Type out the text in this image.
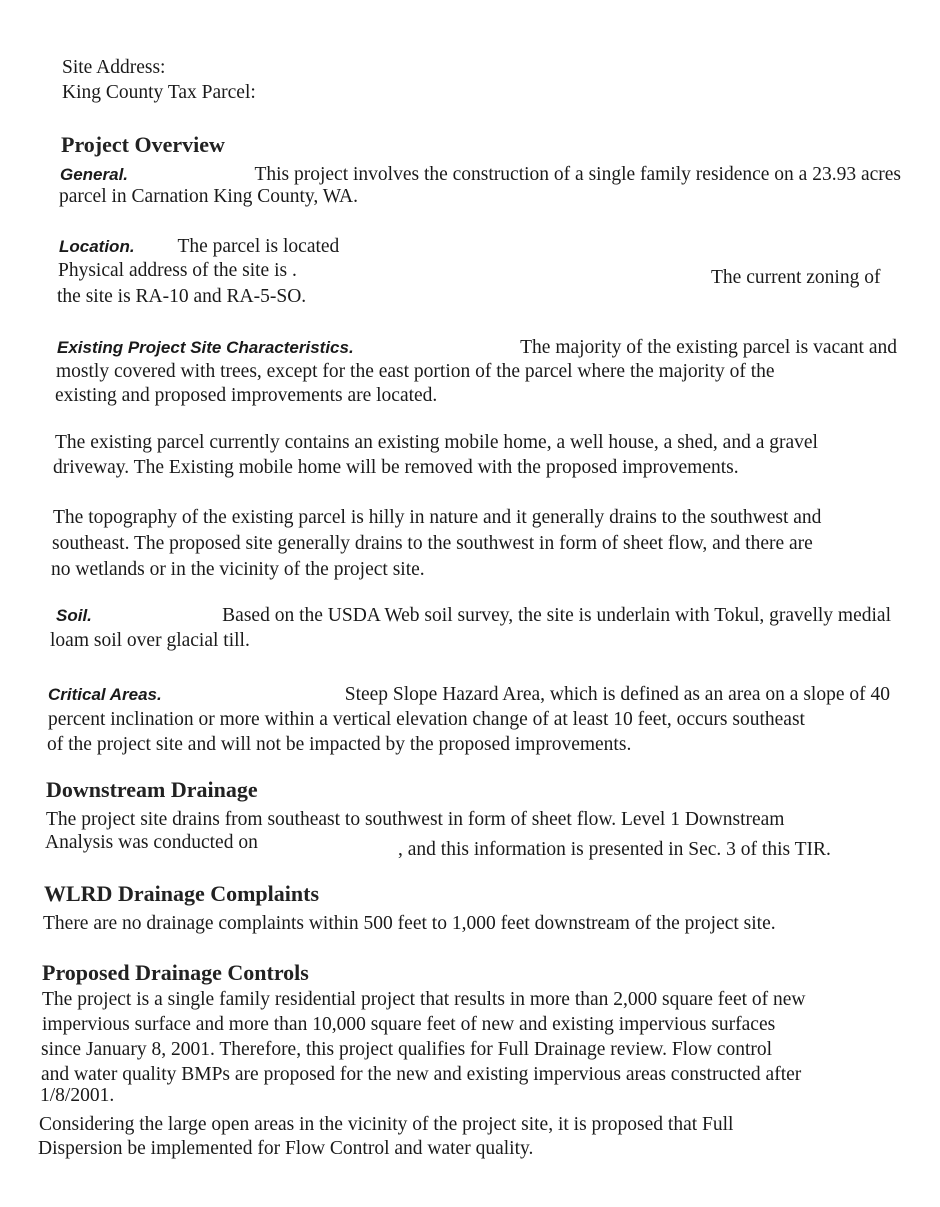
Site Address:
King County Tax Parcel:
Project Overview
General.	This project involves the construction of a single family residence on a 23.93 acres
parcel in Carnation King County, WA.
Location. The parcel is located
Physical address of the site is .	The current zoning of
the site is RA-10 and RA-5-SO.
Existing Project Site Characteristics.	The majority of the existing parcel is vacant and
mostly covered with trees, except for the east portion of the parcel where the majority of the
existing and proposed improvements are located.
The existing parcel currently contains an existing mobile home, a well house, a shed, and a gravel
driveway. The Existing mobile home will be removed with the proposed improvements.
The topography of the existing parcel is hilly in nature and it generally drains to the southwest and
southeast. The proposed site generally drains to the southwest in form of sheet flow, and there are
no wetlands or in the vicinity of the project site.
Soil.	Based on the USDA Web soil survey, the site is underlain with Tokul, gravelly medial
loam soil over glacial till.
Critical Areas.	Steep Slope Hazard Area, which is defined as an area on a slope of 40
percent inclination or more within a vertical elevation change of at least 10 feet, occurs southeast
of the project site and will not be impacted by the proposed improvements.
Downstream Drainage
The project site drains from southeast to southwest in form of sheet flow. Level 1 Downstream
Analysis was conducted on	, and this information is presented in Sec. 3 of this TIR.
WLRD Drainage Complaints
There are no drainage complaints within 500 feet to 1,000 feet downstream of the project site.
Proposed Drainage Controls
The project is a single family residential project that results in more than 2,000 square feet of new
impervious surface and more than 10,000 square feet of new and existing impervious surfaces
since January 8, 2001. Therefore, this project qualifies for Full Drainage review. Flow control
and water quality BMPs are proposed for the new and existing impervious areas constructed after
1/8/2001.
Considering the large open areas in the vicinity of the project site, it is proposed that Full
Dispersion be implemented for Flow Control and water quality.
